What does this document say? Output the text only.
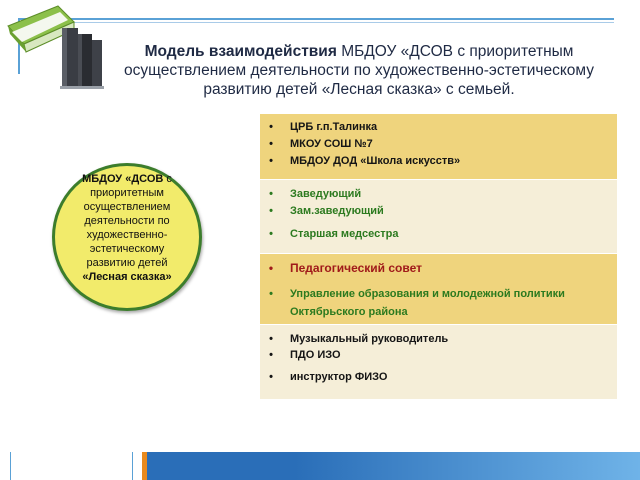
Модель взаимодействия МБДОУ «ДСОВ с приоритетным
осуществлением деятельности по художественно-эстетическому
развитию детей «Лесная сказка» с семьей.
МБДОУ «ДСОВ с
приоритетным
осуществлением
деятельности по
художественно-
эстетическому
развитию детей
«Лесная сказка»
• ЦРБ г.п.Талинка
• МКОУ СОШ №7
• МБДОУ ДОД «Школа искусств»
• Заведующий
• Зам.заведующий
• Старшая медсестра
• Педагогический совет
• Управление образования и молодежной политики
Октябрьского района
• Музыкальный руководитель
• ПДО ИЗО
• инструктор ФИЗО
